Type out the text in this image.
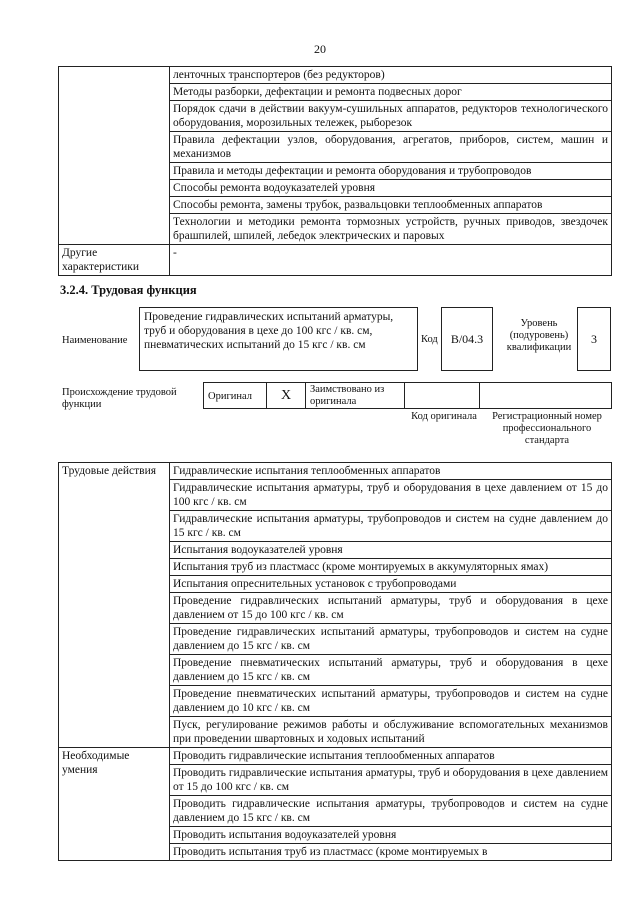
20
	ленточных транспортеров (без редукторов)
	Методы разборки, дефектации и ремонта подвесных дорог
	Порядок сдачи в действии вакуум-сушильных аппаратов, редукторов технологического оборудования, морозильных тележек, рыборезок
	Правила дефектации узлов, оборудования, агрегатов, приборов, систем, машин и механизмов
	Правила и методы дефектации и ремонта оборудования и трубопроводов
	Способы ремонта водоуказателей уровня
	Способы ремонта, замены трубок, развальцовки теплообменных аппаратов
	Технологии и методики ремонта тормозных устройств, ручных приводов, звездочек брашпилей, шпилей, лебедок электрических и паровых
Другие характеристики	-
3.2.4. Трудовая функция
Наименование
Проведение гидравлических испытаний арматуры, труб и оборудования в цехе до 100 кгс / кв. см, пневматических испытаний до 15 кгс / кв. см	Код	B/04.3
Уровень (подуровень) квалификации
3
Происхождение трудовой функции
Оригинал	X	Заимствовано из оригинала
Код оригинала	Регистрационный номер профессионального стандарта
Трудовые действия	Гидравлические испытания теплообменных аппаратов
	Гидравлические испытания арматуры, труб и оборудования в цехе давлением от 15 до 100 кгс / кв. см
	Гидравлические испытания арматуры, трубопроводов и систем на судне давлением до 15 кгс / кв. см
	Испытания водоуказателей уровня
	Испытания труб из пластмасс (кроме монтируемых в аккумуляторных ямах)
	Испытания опреснительных установок с трубопроводами
	Проведение гидравлических испытаний арматуры, труб и оборудования в цехе давлением от 15 до 100 кгс / кв. см
	Проведение гидравлических испытаний арматуры, трубопроводов и систем на судне давлением до 15 кгс / кв. см
	Проведение пневматических испытаний арматуры, труб и оборудования в цехе давлением до 15 кгс / кв. см
	Проведение пневматических испытаний арматуры, трубопроводов и систем на судне давлением до 10 кгс / кв. см
	Пуск, регулирование режимов работы и обслуживание вспомогательных механизмов при проведении швартовных и ходовых испытаний
Необходимые умения	Проводить гидравлические испытания теплообменных аппаратов
	Проводить гидравлические испытания арматуры, труб и оборудования в цехе давлением от 15 до 100 кгс / кв. см
	Проводить гидравлические испытания арматуры, трубопроводов и систем на судне давлением до 15 кгс / кв. см
	Проводить испытания водоуказателей уровня
	Проводить испытания труб из пластмасс (кроме монтируемых в
